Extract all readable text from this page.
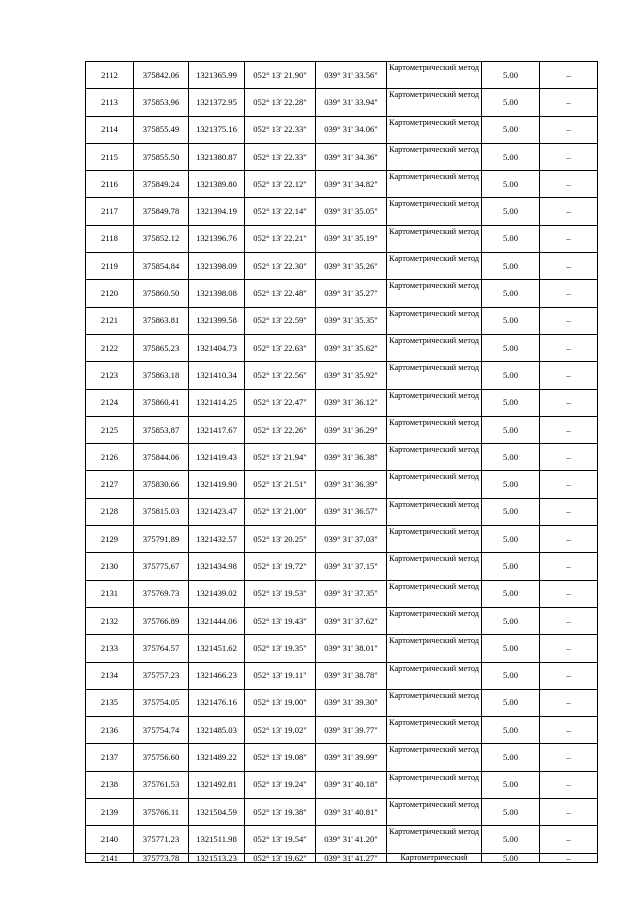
2112	375842.06	1321365.99	052° 13' 21.90"	039° 31' 33.56"	Картометрический метод	5.00	–
2113	375853.96	1321372.95	052° 13' 22.28"	039° 31' 33.94"	Картометрический метод	5.00	–
2114	375855.49	1321375.16	052° 13' 22.33"	039° 31' 34.06"	Картометрический метод	5.00	–
2115	375855.50	1321380.87	052° 13' 22.33"	039° 31' 34.36"	Картометрический метод	5.00	–
2116	375849.24	1321389.80	052° 13' 22.12"	039° 31' 34.82"	Картометрический метод	5.00	–
2117	375849.78	1321394.19	052° 13' 22.14"	039° 31' 35.05"	Картометрический метод	5.00	–
2118	375852.12	1321396.76	052° 13' 22.21"	039° 31' 35.19"	Картометрический метод	5.00	–
2119	375854.84	1321398.09	052° 13' 22.30"	039° 31' 35.26"	Картометрический метод	5.00	–
2120	375860.50	1321398.08	052° 13' 22.48"	039° 31' 35.27"	Картометрический метод	5.00	–
2121	375863.81	1321399.58	052° 13' 22.59"	039° 31' 35.35"	Картометрический метод	5.00	–
2122	375865.23	1321404.73	052° 13' 22.63"	039° 31' 35.62"	Картометрический метод	5.00	–
2123	375863.18	1321410.34	052° 13' 22.56"	039° 31' 35.92"	Картометрический метод	5.00	–
2124	375860.41	1321414.25	052° 13' 22.47"	039° 31' 36.12"	Картометрический метод	5.00	–
2125	375853.87	1321417.67	052° 13' 22.26"	039° 31' 36.29"	Картометрический метод	5.00	–
2126	375844.06	1321419.43	052° 13' 21.94"	039° 31' 36.38"	Картометрический метод	5.00	–
2127	375830.66	1321419.90	052° 13' 21.51"	039° 31' 36.39"	Картометрический метод	5.00	–
2128	375815.03	1321423.47	052° 13' 21.00"	039° 31' 36.57"	Картометрический метод	5.00	–
2129	375791.89	1321432.57	052° 13' 20.25"	039° 31' 37.03"	Картометрический метод	5.00	–
2130	375775.67	1321434.98	052° 13' 19.72"	039° 31' 37.15"	Картометрический метод	5.00	–
2131	375769.73	1321439.02	052° 13' 19.53"	039° 31' 37.35"	Картометрический метод	5.00	–
2132	375766.89	1321444.06	052° 13' 19.43"	039° 31' 37.62"	Картометрический метод	5.00	–
2133	375764.57	1321451.62	052° 13' 19.35"	039° 31' 38.01"	Картометрический метод	5.00	–
2134	375757.23	1321466.23	052° 13' 19.11"	039° 31' 38.78"	Картометрический метод	5.00	–
2135	375754.05	1321476.16	052° 13' 19.00"	039° 31' 39.30"	Картометрический метод	5.00	–
2136	375754.74	1321485.03	052° 13' 19.02"	039° 31' 39.77"	Картометрический метод	5.00	–
2137	375756.60	1321489.22	052° 13' 19.08"	039° 31' 39.99"	Картометрический метод	5.00	–
2138	375761.53	1321492.81	052° 13' 19.24"	039° 31' 40.18"	Картометрический метод	5.00	–
2139	375766.11	1321504.59	052° 13' 19.38"	039° 31' 40.81"	Картометрический метод	5.00	–
2140	375771.23	1321511.98	052° 13' 19.54"	039° 31' 41.20"	Картометрический метод	5.00	–
2141	375773.78	1321513.23	052° 13' 19.62"	039° 31' 41.27"	Картометрический	5.00	–
